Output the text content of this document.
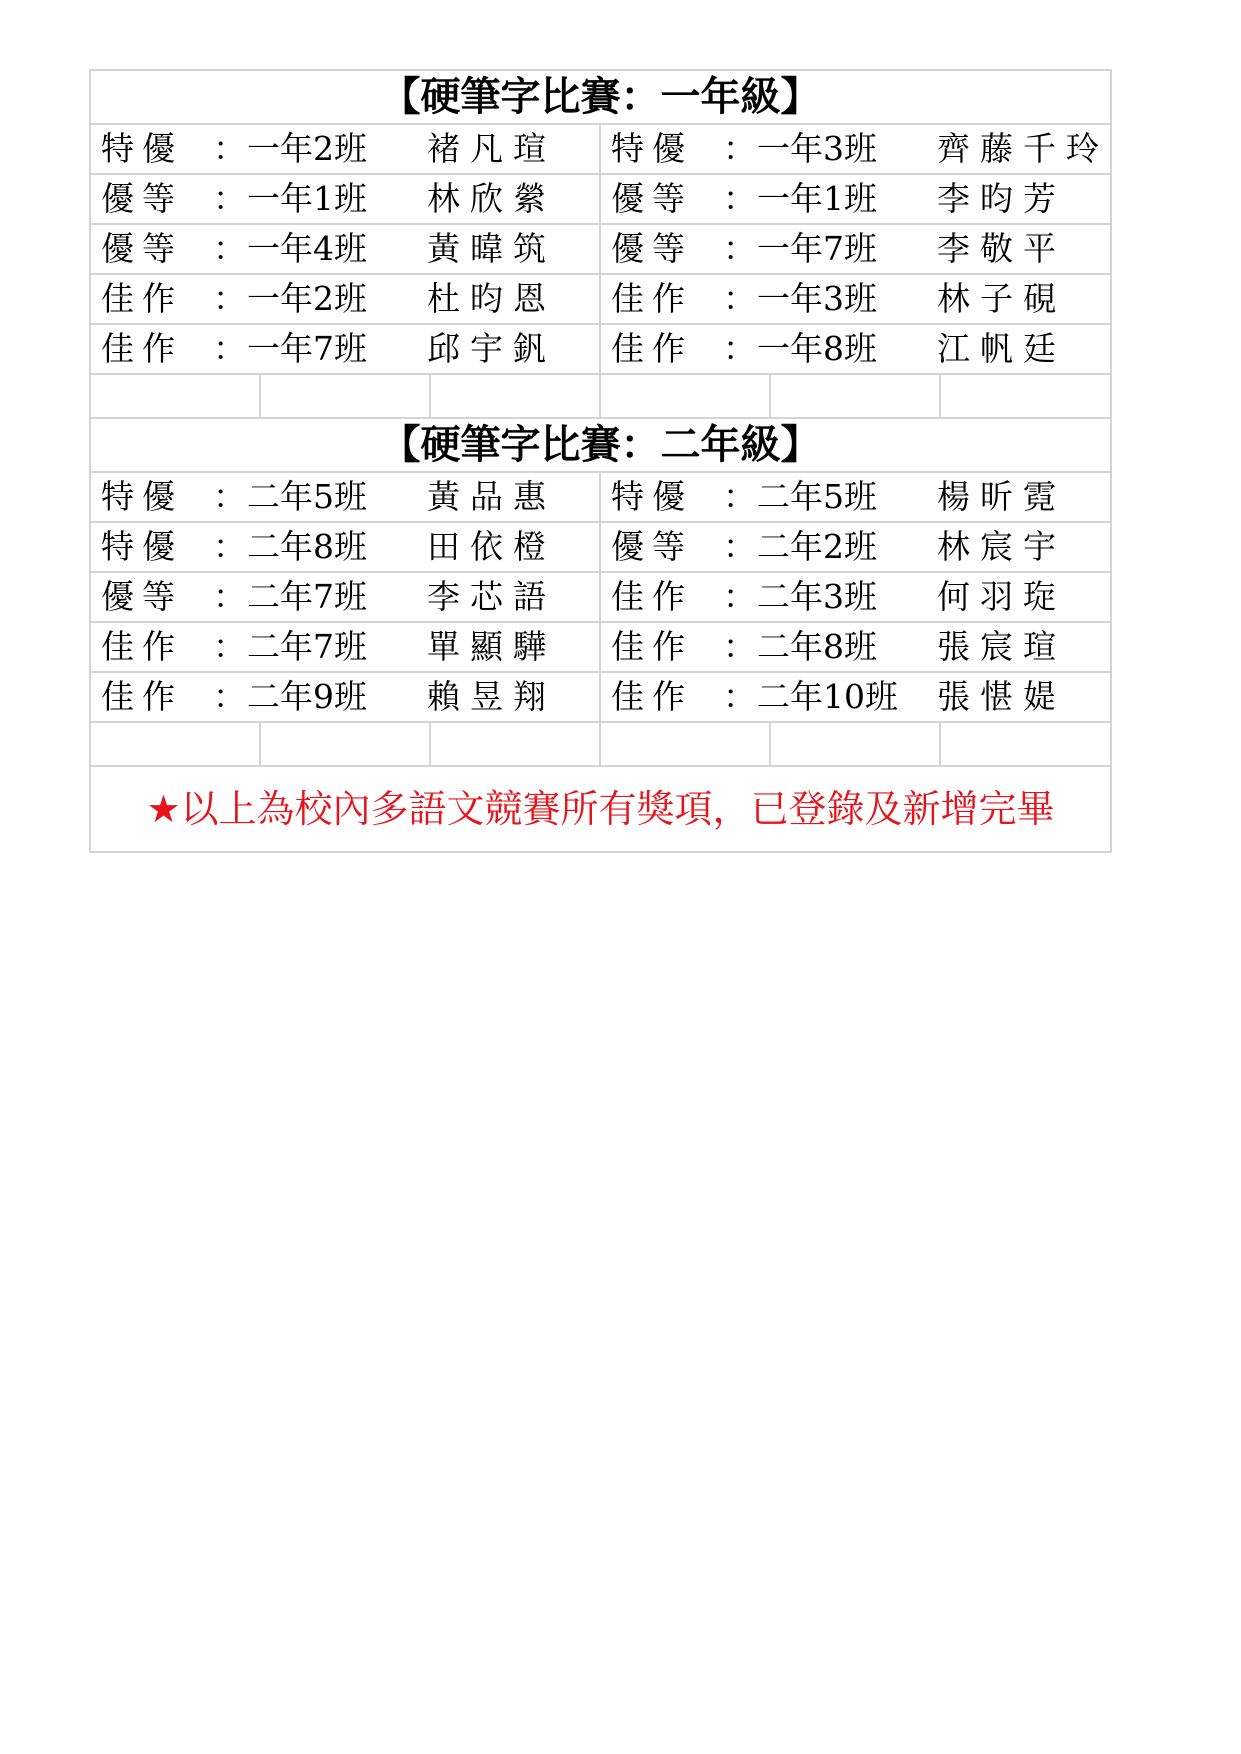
【硬筆字比賽：一年級】					
特優 ：一年2班 褚凡瑄			特優 ：一年3班 齊藤千玲		
優等 ：一年1班 林欣縈			優等 ：一年1班 李昀芳		
優等 ：一年4班 黃暐筑			優等 ：一年7班 李敬平		
佳作 ：一年2班 杜昀恩			佳作 ：一年3班 林子硯		
佳作 ：一年7班 邱宇釩			佳作 ：一年8班 江帆廷		

【硬筆字比賽：二年級】					
特優 ：二年5班 黃品惠			特優 ：二年5班 楊昕霓		
特優 ：二年8班 田依橙			優等 ：二年2班 林宸宇		
優等 ：二年7班 李芯語			佳作 ：二年3班 何羽琁		
佳作 ：二年7班 單顯驊			佳作 ：二年8班 張宸瑄		
佳作 ：二年9班 賴昱翔			佳作 ：二年10班 張愖媞		

★以上為校內多語文競賽所有獎項，已登錄及新增完畢					
